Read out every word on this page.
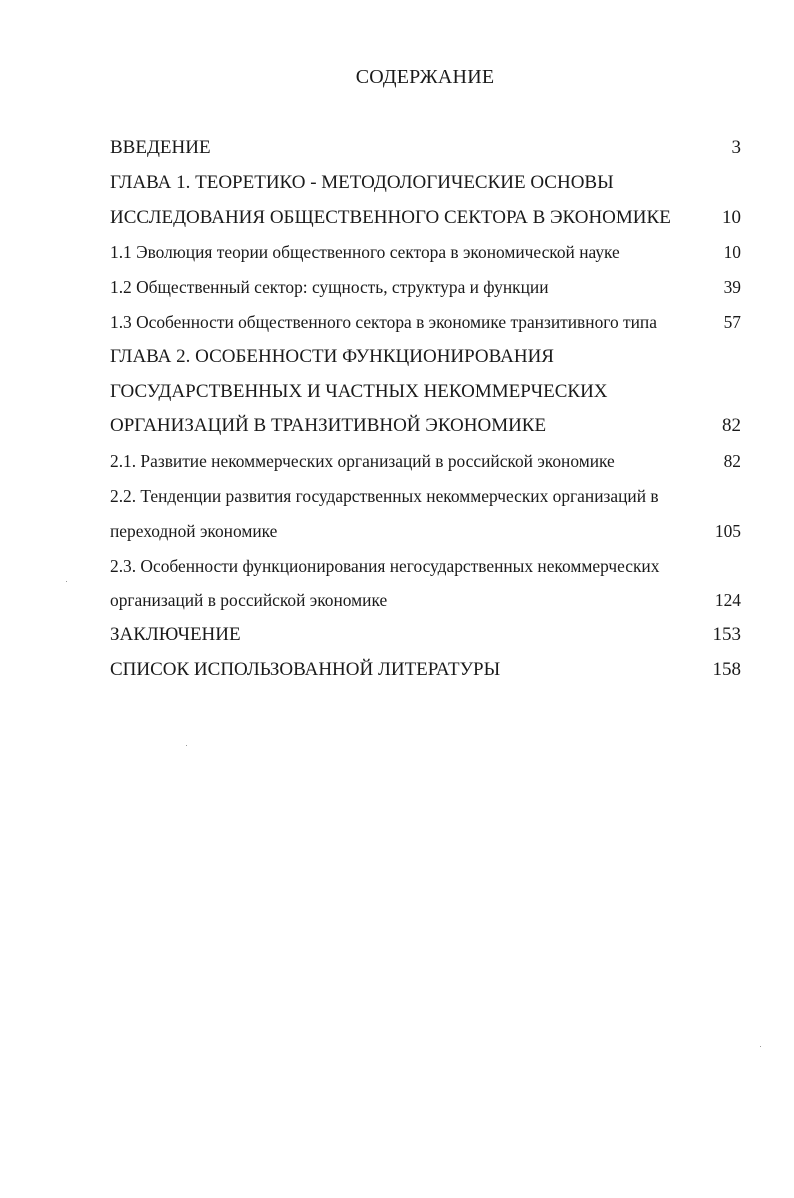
СОДЕРЖАНИЕ
ВВЕДЕНИЕ	3
ГЛАВА 1. ТЕОРЕТИКО - МЕТОДОЛОГИЧЕСКИЕ ОСНОВЫ
ИССЛЕДОВАНИЯ ОБЩЕСТВЕННОГО СЕКТОРА В ЭКОНОМИКЕ	10
1.1 Эволюция теории общественного сектора в экономической науке	10
1.2 Общественный сектор: сущность, структура и функции	39
1.3 Особенности общественного сектора в экономике транзитивного типа	57
ГЛАВА 2. ОСОБЕННОСТИ ФУНКЦИОНИРОВАНИЯ
ГОСУДАРСТВЕННЫХ И ЧАСТНЫХ НЕКОММЕРЧЕСКИХ
ОРГАНИЗАЦИЙ В ТРАНЗИТИВНОЙ ЭКОНОМИКЕ	82
2.1. Развитие некоммерческих организаций в российской экономике	82
2.2. Тенденции развития государственных некоммерческих организаций в
переходной экономике	105
2.3. Особенности функционирования негосударственных некоммерческих
организаций в российской экономике	124
ЗАКЛЮЧЕНИЕ	153
СПИСОК ИСПОЛЬЗОВАННОЙ ЛИТЕРАТУРЫ	158
